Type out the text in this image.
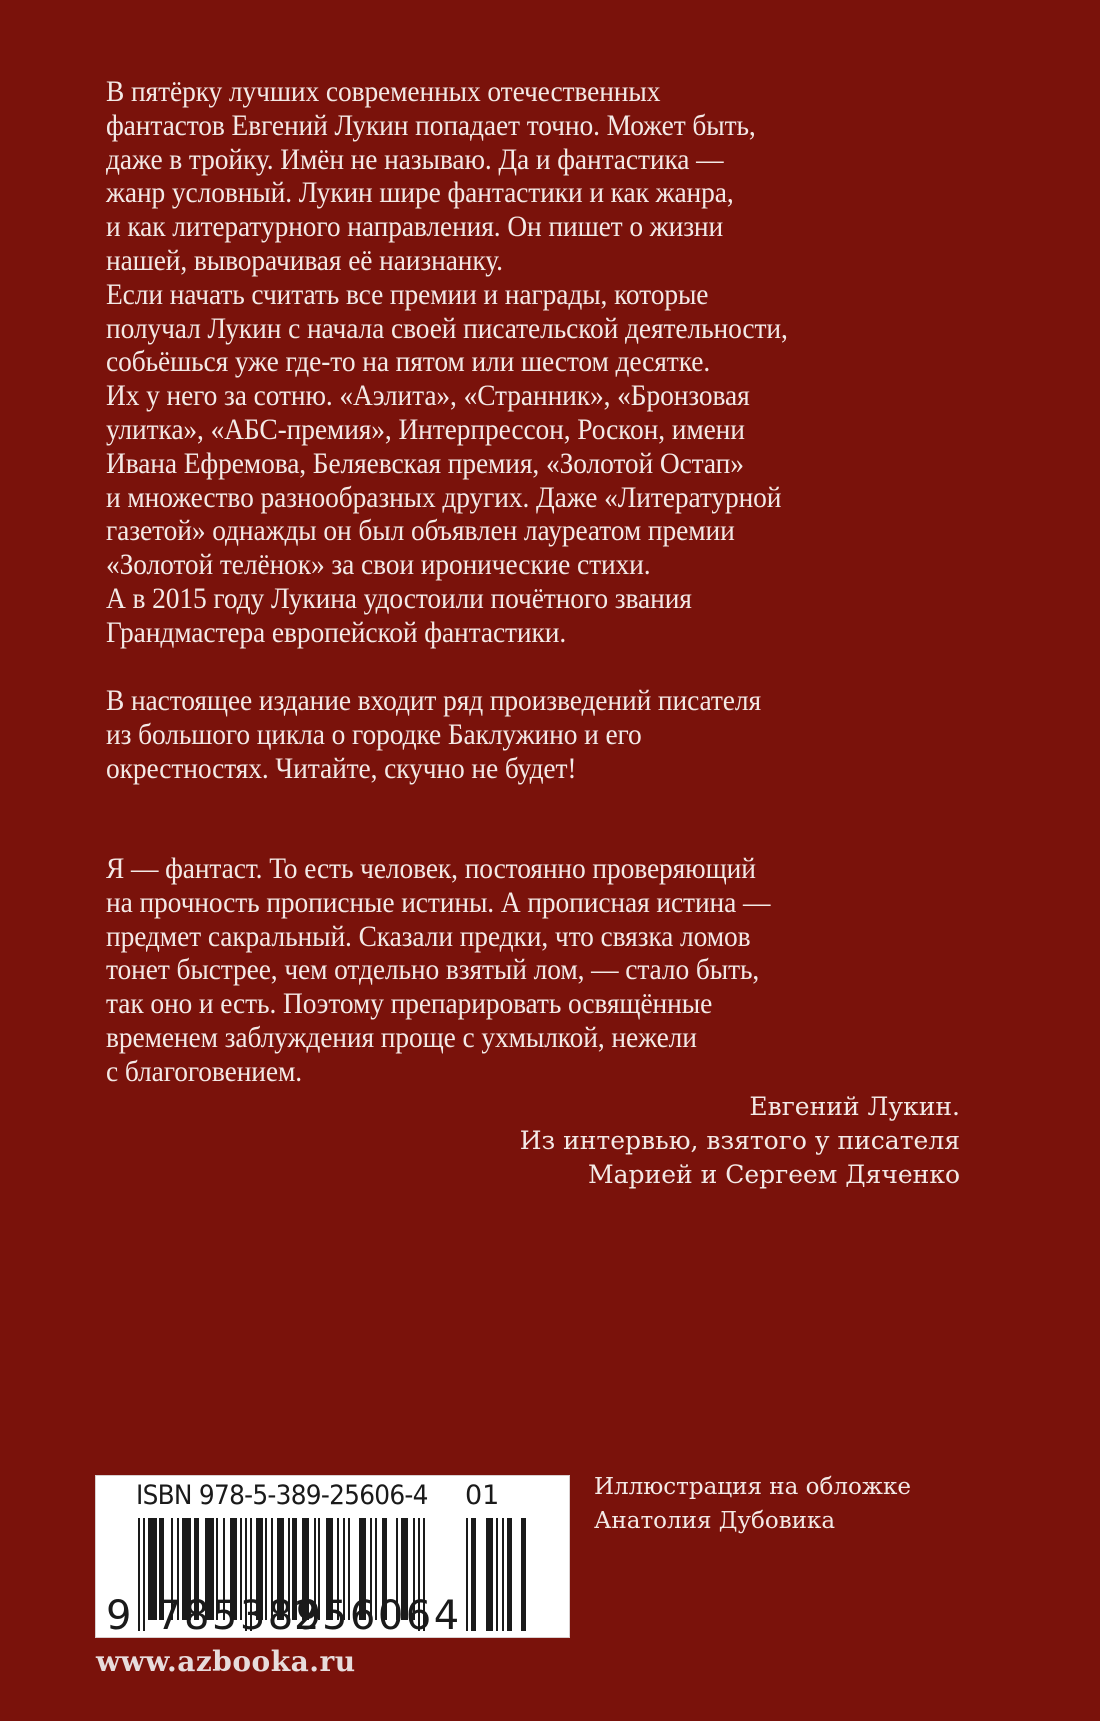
В пятёрку лучших современных отечественных
фантастов Евгений Лукин попадает точно. Может быть,
даже в тройку. Имён не называю. Да и фантастика —
жанр условный. Лукин шире фантастики и как жанра,
и как литературного направления. Он пишет о жизни
нашей, выворачивая её наизнанку.
Если начать считать все премии и награды, которые
получал Лукин с начала своей писательской деятельности,
собьёшься уже где-то на пятом или шестом десятке.
Их у него за сотню. «Аэлита», «Странник», «Бронзовая
улитка», «АБС-премия», Интерпрессон, Роскон, имени
Ивана Ефремова, Беляевская премия, «Золотой Остап»
и множество разнообразных других. Даже «Литературной
газетой» однажды он был объявлен лауреатом премии
«Золотой телёнок» за свои иронические стихи.
А в 2015 году Лукина удостоили почётного звания
Грандмастера европейской фантастики.
В настоящее издание входит ряд произведений писателя
из большого цикла о городке Баклужино и его
окрестностях. Читайте, скучно не будет!
Я — фантаст. То есть человек, постоянно проверяющий
на прочность прописные истины. А прописная истина —
предмет сакральный. Сказали предки, что связка ломов
тонет быстрее, чем отдельно взятый лом, — стало быть,
так оно и есть. Поэтому препарировать освящённые
временем заблуждения проще с ухмылкой, нежели
с благоговением.
Евгений Лукин.
Из интервью, взятого у писателя
Марией и Сергеем Дяченко
ISBN 978-5-389-25606-4 01
9 785389
256064
Иллюстрация на обложке
Анатолия Дубовика
www.azbooka.ru
